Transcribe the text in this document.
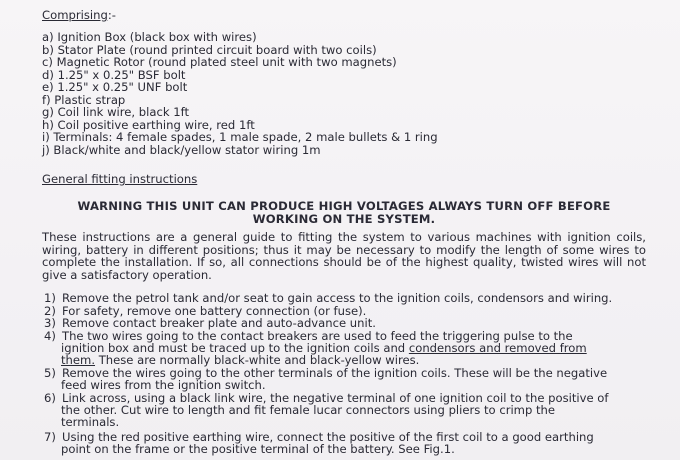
Comprising:-
a) Ignition Box (black box with wires)
b) Stator Plate (round printed circuit board with two coils)
c) Magnetic Rotor (round plated steel unit with two magnets)
d) 1.25" x 0.25" BSF bolt
e) 1.25" x 0.25" UNF bolt
f) Plastic strap
g) Coil link wire, black 1ft
h) Coil positive earthing wire, red 1ft
i) Terminals: 4 female spades, 1 male spade, 2 male bullets & 1 ring
j) Black/white and black/yellow stator wiring 1m
General fitting instructions
WARNING THIS UNIT CAN PRODUCE HIGH VOLTAGES ALWAYS TURN OFF BEFORE
WORKING ON THE SYSTEM.
These instructions are a general guide to fitting the system to various machines with ignition coils, wiring, battery in different positions; thus it may be necessary to modify the length of some wires to complete the installation. If so, all connections should be of the highest quality, twisted wires will not give a satisfactory operation.
1) Remove the petrol tank and/or seat to gain access to the ignition coils, condensors and wiring.
2) For safety, remove one battery connection (or fuse).
3) Remove contact breaker plate and auto-advance unit.
4) The two wires going to the contact breakers are used to feed the triggering pulse to the
ignition box and must be traced up to the ignition coils and condensors and removed from
them. These are normally black-white and black-yellow wires.
5) Remove the wires going to the other terminals of the ignition coils. These will be the negative
feed wires from the ignition switch.
6) Link across, using a black link wire, the negative terminal of one ignition coil to the positive of
the other. Cut wire to length and fit female lucar connectors using pliers to crimp the
terminals.
7) Using the red positive earthing wire, connect the positive of the first coil to a good earthing
point on the frame or the positive terminal of the battery. See Fig.1.
